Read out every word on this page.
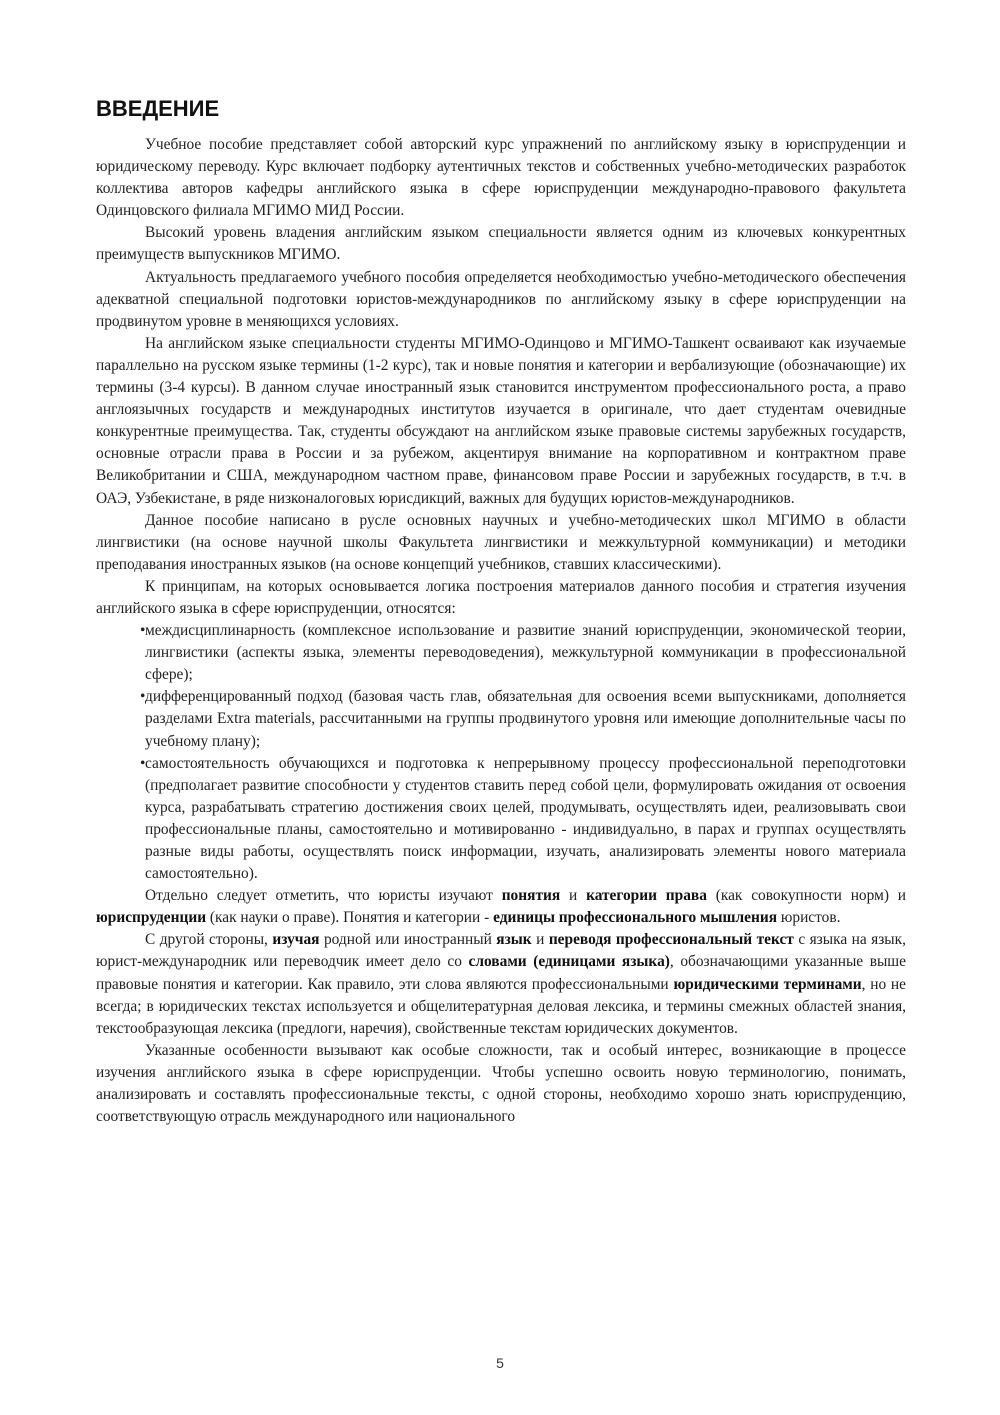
ВВЕДЕНИЕ

Учебное пособие представляет собой авторский курс упражнений по английскому языку в юриспруденции и юридическому переводу. Курс включает подборку аутентичных текстов и собственных учебно-методических разработок коллектива авторов кафедры английского языка в сфере юриспруденции международно-правового факультета Одинцовского филиала МГИМО МИД России.

Высокий уровень владения английским языком специальности является одним из ключевых конкурентных преимуществ выпускников МГИМО.

Актуальность предлагаемого учебного пособия определяется необходимостью учебно-методического обеспечения адекватной специальной подготовки юристов-международников по английскому языку в сфере юриспруденции на продвинутом уровне в меняющихся условиях.

На английском языке специальности студенты МГИМО-Одинцово и МГИМО-Ташкент осваивают как изучаемые параллельно на русском языке термины (1-2 курс), так и новые понятия и категории и вербализующие (обозначающие) их термины (3-4 курсы). В данном случае иностранный язык становится инструментом профессионального роста, а право англоязычных государств и международных институтов изучается в оригинале, что дает студентам очевидные конкурентные преимущества. Так, студенты обсуждают на английском языке правовые системы зарубежных государств, основные отрасли права в России и за рубежом, акцентируя внимание на корпоративном и контрактном праве Великобритании и США, международном частном праве, финансовом праве России и зарубежных государств, в т.ч. в ОАЭ, Узбекистане, в ряде низконалоговых юрисдикций, важных для будущих юристов-международников.

Данное пособие написано в русле основных научных и учебно-методических школ МГИМО в области лингвистики (на основе научной школы Факультета лингвистики и межкультурной коммуникации) и методики преподавания иностранных языков (на основе концепций учебников, ставших классическими).

К принципам, на которых основывается логика построения материалов данного пособия и стратегия изучения английского языка в сфере юриспруденции, относятся:

• междисциплинарность (комплексное использование и развитие знаний юриспруденции, экономической теории, лингвистики (аспекты языка, элементы переводоведения), межкультурной коммуникации в профессиональной сфере);
• дифференцированный подход (базовая часть глав, обязательная для освоения всеми выпускниками, дополняется разделами Extra materials, рассчитанными на группы продвинутого уровня или имеющие дополнительные часы по учебному плану);
• самостоятельность обучающихся и подготовка к непрерывному процессу профессиональной переподготовки (предполагает развитие способности у студентов ставить перед собой цели, формулировать ожидания от освоения курса, разрабатывать стратегию достижения своих целей, продумывать, осуществлять идеи, реализовывать свои профессиональные планы, самостоятельно и мотивированно - индивидуально, в парах и группах осуществлять разные виды работы, осуществлять поиск информации, изучать, анализировать элементы нового материала самостоятельно).

Отдельно следует отметить, что юристы изучают понятия и категории права (как совокупности норм) и юриспруденции (как науки о праве). Понятия и категории - единицы профессионального мышления юристов.

С другой стороны, изучая родной или иностранный язык и переводя профессиональный текст с языка на язык, юрист-международник или переводчик имеет дело со словами (единицами языка), обозначающими указанные выше правовые понятия и категории. Как правило, эти слова являются профессиональными юридическими терминами, но не всегда; в юридических текстах используется и общелитературная деловая лексика, и термины смежных областей знания, текстообразующая лексика (предлоги, наречия), свойственные текстам юридических документов.

Указанные особенности вызывают как особые сложности, так и особый интерес, возникающие в процессе изучения английского языка в сфере юриспруденции. Чтобы успешно освоить новую терминологию, понимать, анализировать и составлять профессиональные тексты, с одной стороны, необходимо хорошо знать юриспруденцию, соответствующую отрасль международного или национального

5
